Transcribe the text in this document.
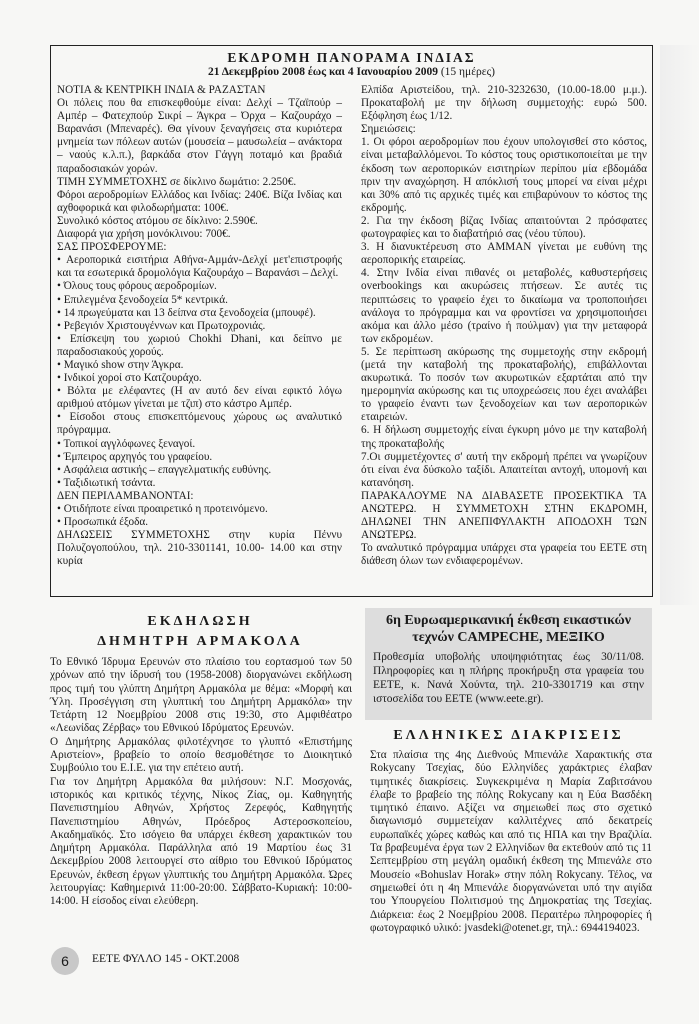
ΕΚΔΡΟΜΗ ΠΑΝΟΡΑΜΑ ΙΝΔΙΑΣ
21 Δεκεμβρίου 2008 έως και 4 Ιανουαρίου 2009 (15 ημέρες)

ΝΟΤΙΑ & ΚΕΝΤΡΙΚΗ ΙΝΔΙΑ & ΡΑΖΑΣΤΑΝ

Οι πόλεις που θα επισκεφθούμε είναι: Δελχί – Τζαϊπούρ – Αμπέρ – Φατεχπούρ Σικρί – Άγκρα – Όρχα – Καζουράχο – Βαρανάσι (Μπεναρές). Θα γίνουν ξεναγήσεις στα κυριότερα μνημεία των πόλεων αυτών (μουσεία – μαυσωλεία – ανάκτορα – ναούς κ.λ.π.), βαρκάδα στον Γάγγη ποταμό και βραδιά παραδοσιακών χορών.

ΤΙΜΗ ΣΥΜΜΕΤΟΧΗΣ σε δίκλινο δωμάτιο: 2.250€.

Φόροι αεροδρομίων Ελλάδος και Ινδίας: 240€. Βίζα Ινδίας και αχθοφορικά και φιλοδωρήματα: 100€.

Συνολικό κόστος ατόμου σε δίκλινο: 2.590€.

Διαφορά για χρήση μονόκλινου: 700€.

ΣΑΣ ΠΡΟΣΦΕΡΟΥΜΕ:

• Αεροπορικά εισιτήρια Αθήνα-Αμμάν-Δελχί μετ'επιστροφής και τα εσωτερικά δρομολόγια Καζουράχο – Βαρανάσι – Δελχί.

• Όλους τους φόρους αεροδρομίων.

• Επιλεγμένα ξενοδοχεία 5* κεντρικά.

• 14 πρωγεύματα και 13 δείπνα στα ξενοδοχεία (μπουφέ).

• Ρεβεγιόν Χριστουγέννων και Πρωτοχρονιάς.

• Επίσκεψη του χωριού Chokhi Dhani, και δείπνο με παραδοσιακούς χορούς.

• Μαγικό show στην Άγκρα.

• Ινδικοί χοροί στο Κατζουράχο.

• Βόλτα με ελέφαντες (Η αν αυτό δεν είναι εφικτό λόγω αριθμού ατόμων γίνεται με τζιπ) στο κάστρο Αμπέρ.

• Είσοδοι στους επισκεπτόμενους χώρους ως αναλυτικό πρόγραμμα.

• Τοπικοί αγγλόφωνες ξεναγοί.

• Έμπειρος αρχηγός του γραφείου.

• Ασφάλεια αστικής – επαγγελματικής ευθύνης.

• Ταξιδιωτική τσάντα.

ΔΕΝ ΠΕΡΙΛΑΜΒΑΝΟΝΤΑΙ:

• Οτιδήποτε είναι προαιρετικό η προτεινόμενο.

• Προσωπικά έξοδα.

ΔΗΛΩΣΕΙΣ ΣΥΜΜΕΤΟΧΗΣ στην κυρία Πέννυ Πολυζογοπούλου, τηλ. 210-3301141, 10.00- 14.00 και στην κυρία

Ελπίδα Αριστείδου, τηλ. 210-3232630, (10.00-18.00 μ.μ.). Προκαταβολή με την δήλωση συμμετοχής: ευρώ 500. Εξόφληση έως 1/12.

Σημειώσεις:

1. Οι φόροι αεροδρομίων που έχουν υπολογισθεί στο κόστος, είναι μεταβαλλόμενοι. Το κόστος τους οριστικοποιείται με την έκδοση των αεροπορικών εισιτηρίων περίπου μία εβδομάδα πριν την αναχώρηση. Η απόκλισή τους μπορεί να είναι μέχρι και 30% από τις αρχικές τιμές και επιβαρύνουν το κόστος της εκδρομής.

2. Για την έκδοση βίζας Ινδίας απαιτούνται 2 πρόσφατες φωτογραφίες και το διαβατήριό σας (νέου τύπου).

3. Η διανυκτέρευση στο ΑΜΜΑΝ γίνεται με ευθύνη της αεροπορικής εταιρείας.

4. Στην Ινδία είναι πιθανές οι μεταβολές, καθυστερήσεις overbookings και ακυρώσεις πτήσεων. Σε αυτές τις περιπτώσεις το γραφείο έχει το δικαίωμα να τροποποιήσει ανάλογα το πρόγραμμα και να φροντίσει να χρησιμοποιήσει ακόμα και άλλο μέσο (τραίνο ή πούλμαν) για την μεταφορά των εκδρομέων.

5. Σε περίπτωση ακύρωσης της συμμετοχής στην εκδρομή (μετά την καταβολή της προκαταβολής), επιβάλλονται ακυρωτικά. Το ποσόν των ακυρωτικών εξαρτάται από την ημερομηνία ακύρωσης και τις υποχρεώσεις που έχει αναλάβει το γραφείο έναντι των ξενοδοχείων και των αεροπορικών εταιρειών.

6. Η δήλωση συμμετοχής είναι έγκυρη μόνο με την καταβολή της προκαταβολής

7.Οι συμμετέχοντες σ' αυτή την εκδρομή πρέπει να γνωρίζουν ότι είναι ένα δύσκολο ταξίδι. Απαιτείται αντοχή, υπομονή και κατανόηση.

ΠΑΡΑΚΑΛΟΥΜΕ ΝΑ ΔΙΑΒΑΣΕΤΕ ΠΡΟΣΕΚΤΙΚΑ ΤΑ ΑΝΩΤΕΡΩ. Η ΣΥΜΜΕΤΟΧΗ ΣΤΗΝ ΕΚΔΡΟΜΗ, ΔΗΛΩΝΕΙ ΤΗΝ ΑΝΕΠΙΦΥΛΑΚΤΗ ΑΠΟΔΟΧΗ ΤΩΝ ΑΝΩΤΕΡΩ.

Το αναλυτικό πρόγραμμα υπάρχει στα γραφεία του ΕΕΤΕ στη διάθεση όλων των ενδιαφερομένων.

ΕΚΔΗΛΩΣΗ
ΔΗΜΗΤΡΗ ΑΡΜΑΚΟΛΑ

Το Εθνικό Ίδρυμα Ερευνών στο πλαίσιο του εορτασμού των 50 χρόνων από την ίδρυσή του (1958-2008) διοργανώνει εκδήλωση προς τιμή του γλύπτη Δημήτρη Αρμακόλα με θέμα: «Μορφή και Ύλη. Προσέγγιση στη γλυπτική του Δημήτρη Αρμακόλα» την Τετάρτη 12 Νοεμβρίου 2008 στις 19:30, στο Αμφιθέατρο «Λεωνίδας Ζέρβας» του Εθνικού Ιδρύματος Ερευνών.

Ο Δημήτρης Αρμακόλας φιλοτέχνησε το γλυπτό «Επιστήμης Αριστείον», βραβείο το οποίο θεσμοθέτησε το Διοικητικό Συμβούλιο του Ε.Ι.Ε. για την επέτειο αυτή.

Για τον Δημήτρη Αρμακόλα θα μιλήσουν: Ν.Γ. Μοσχονάς, ιστορικός και κριτικός τέχνης, Νίκος Ζίας, ομ. Καθηγητής Πανεπιστημίου Αθηνών, Χρήστος Ζερεφός, Καθηγητής Πανεπιστημίου Αθηνών, Πρόεδρος Αστεροσκοπείου, Ακαδημαϊκός. Στο ισόγειο θα υπάρχει έκθεση χαρακτικών του Δημήτρη Αρμακόλα. Παράλληλα από 19 Μαρτίου έως 31 Δεκεμβρίου 2008 λειτουργεί στο αίθριο του Εθνικού Ιδρύματος Ερευνών, έκθεση έργων γλυπτικής του Δημήτρη Αρμακόλα. Ώρες λειτουργίας: Καθημερινά 11:00-20:00. Σάββατο-Κυριακή: 10:00-14:00. Η είσοδος είναι ελεύθερη.

6η Ευρωαμερικανική έκθεση εικαστικών
τεχνών CAMPECHE, ΜΕΞΙΚΟ
Προθεσμία υποβολής υποψηφιότητας έως 30/11/08. Πληροφορίες και η πλήρης προκήρυξη στα γραφεία του ΕΕΤΕ, κ. Νανά Χούντα, τηλ. 210-3301719 και στην ιστοσελίδα του ΕΕΤΕ (www.eete.gr).
ΕΛΛΗΝΙΚΕΣ ΔΙΑΚΡΙΣΕΙΣ

Στα πλαίσια της 4ης Διεθνούς Μπιενάλε Χαρακτικής στα Rokycany Τσεχίας, δύο Ελληνίδες χαράκτριες έλαβαν τιμητικές διακρίσεις. Συγκεκριμένα η Μαρία Ζαβιτσάνου έλαβε το βραβείο της πόλης Rokycany και η Εύα Βασδέκη τιμητικό έπαινο. Αξίζει να σημειωθεί πως στο σχετικό διαγωνισμό συμμετείχαν καλλιτέχνες από δεκατρείς ευρωπαϊκές χώρες καθώς και από τις ΗΠΑ και την Βραζιλία. Τα βραβευμένα έργα των 2 Ελληνίδων θα εκτεθούν από τις 11 Σεπτεμβρίου στη μεγάλη ομαδική έκθεση της Μπιενάλε στο Μουσείο «Bohuslav Horak» στην πόλη Rokycany. Τέλος, να σημειωθεί ότι η 4η Μπιενάλε διοργανώνεται υπό την αιγίδα του Υπουργείου Πολιτισμού της Δημοκρατίας της Τσεχίας. Διάρκεια: έως 2 Νοεμβρίου 2008. Περαιτέρω πληροφορίες ή φωτογραφικό υλικό: jvasdeki@otenet.gr, τηλ.: 6944194023.

6	ΕΕΤΕ ΦΥΛΛΟ 145 - ΟΚΤ.2008
